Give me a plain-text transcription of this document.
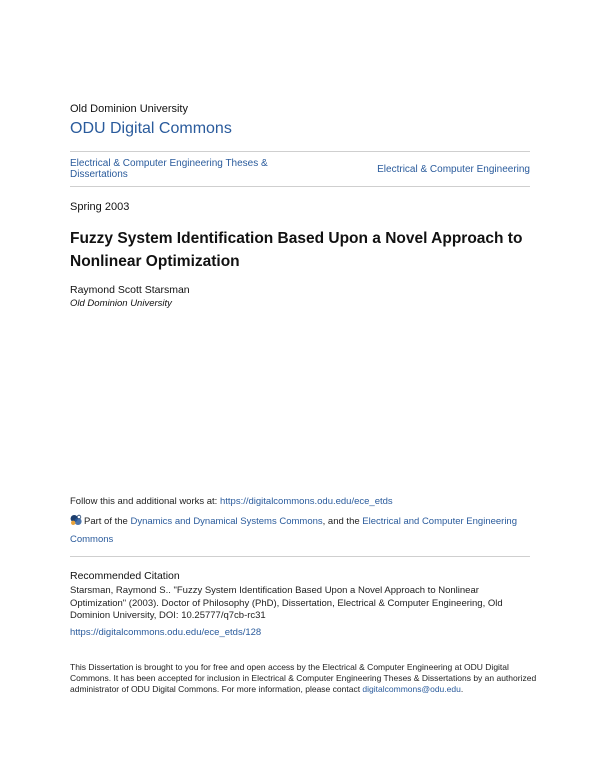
Old Dominion University
ODU Digital Commons
Electrical & Computer Engineering Theses & Dissertations	Electrical & Computer Engineering
Spring 2003
Fuzzy System Identification Based Upon a Novel Approach to Nonlinear Optimization
Raymond Scott Starsman
Old Dominion University
Follow this and additional works at: https://digitalcommons.odu.edu/ece_etds
Part of the Dynamics and Dynamical Systems Commons, and the Electrical and Computer Engineering Commons
Recommended Citation
Starsman, Raymond S.. "Fuzzy System Identification Based Upon a Novel Approach to Nonlinear Optimization" (2003). Doctor of Philosophy (PhD), Dissertation, Electrical & Computer Engineering, Old Dominion University, DOI: 10.25777/q7cb-rc31
https://digitalcommons.odu.edu/ece_etds/128
This Dissertation is brought to you for free and open access by the Electrical & Computer Engineering at ODU Digital Commons. It has been accepted for inclusion in Electrical & Computer Engineering Theses & Dissertations by an authorized administrator of ODU Digital Commons. For more information, please contact digitalcommons@odu.edu.
